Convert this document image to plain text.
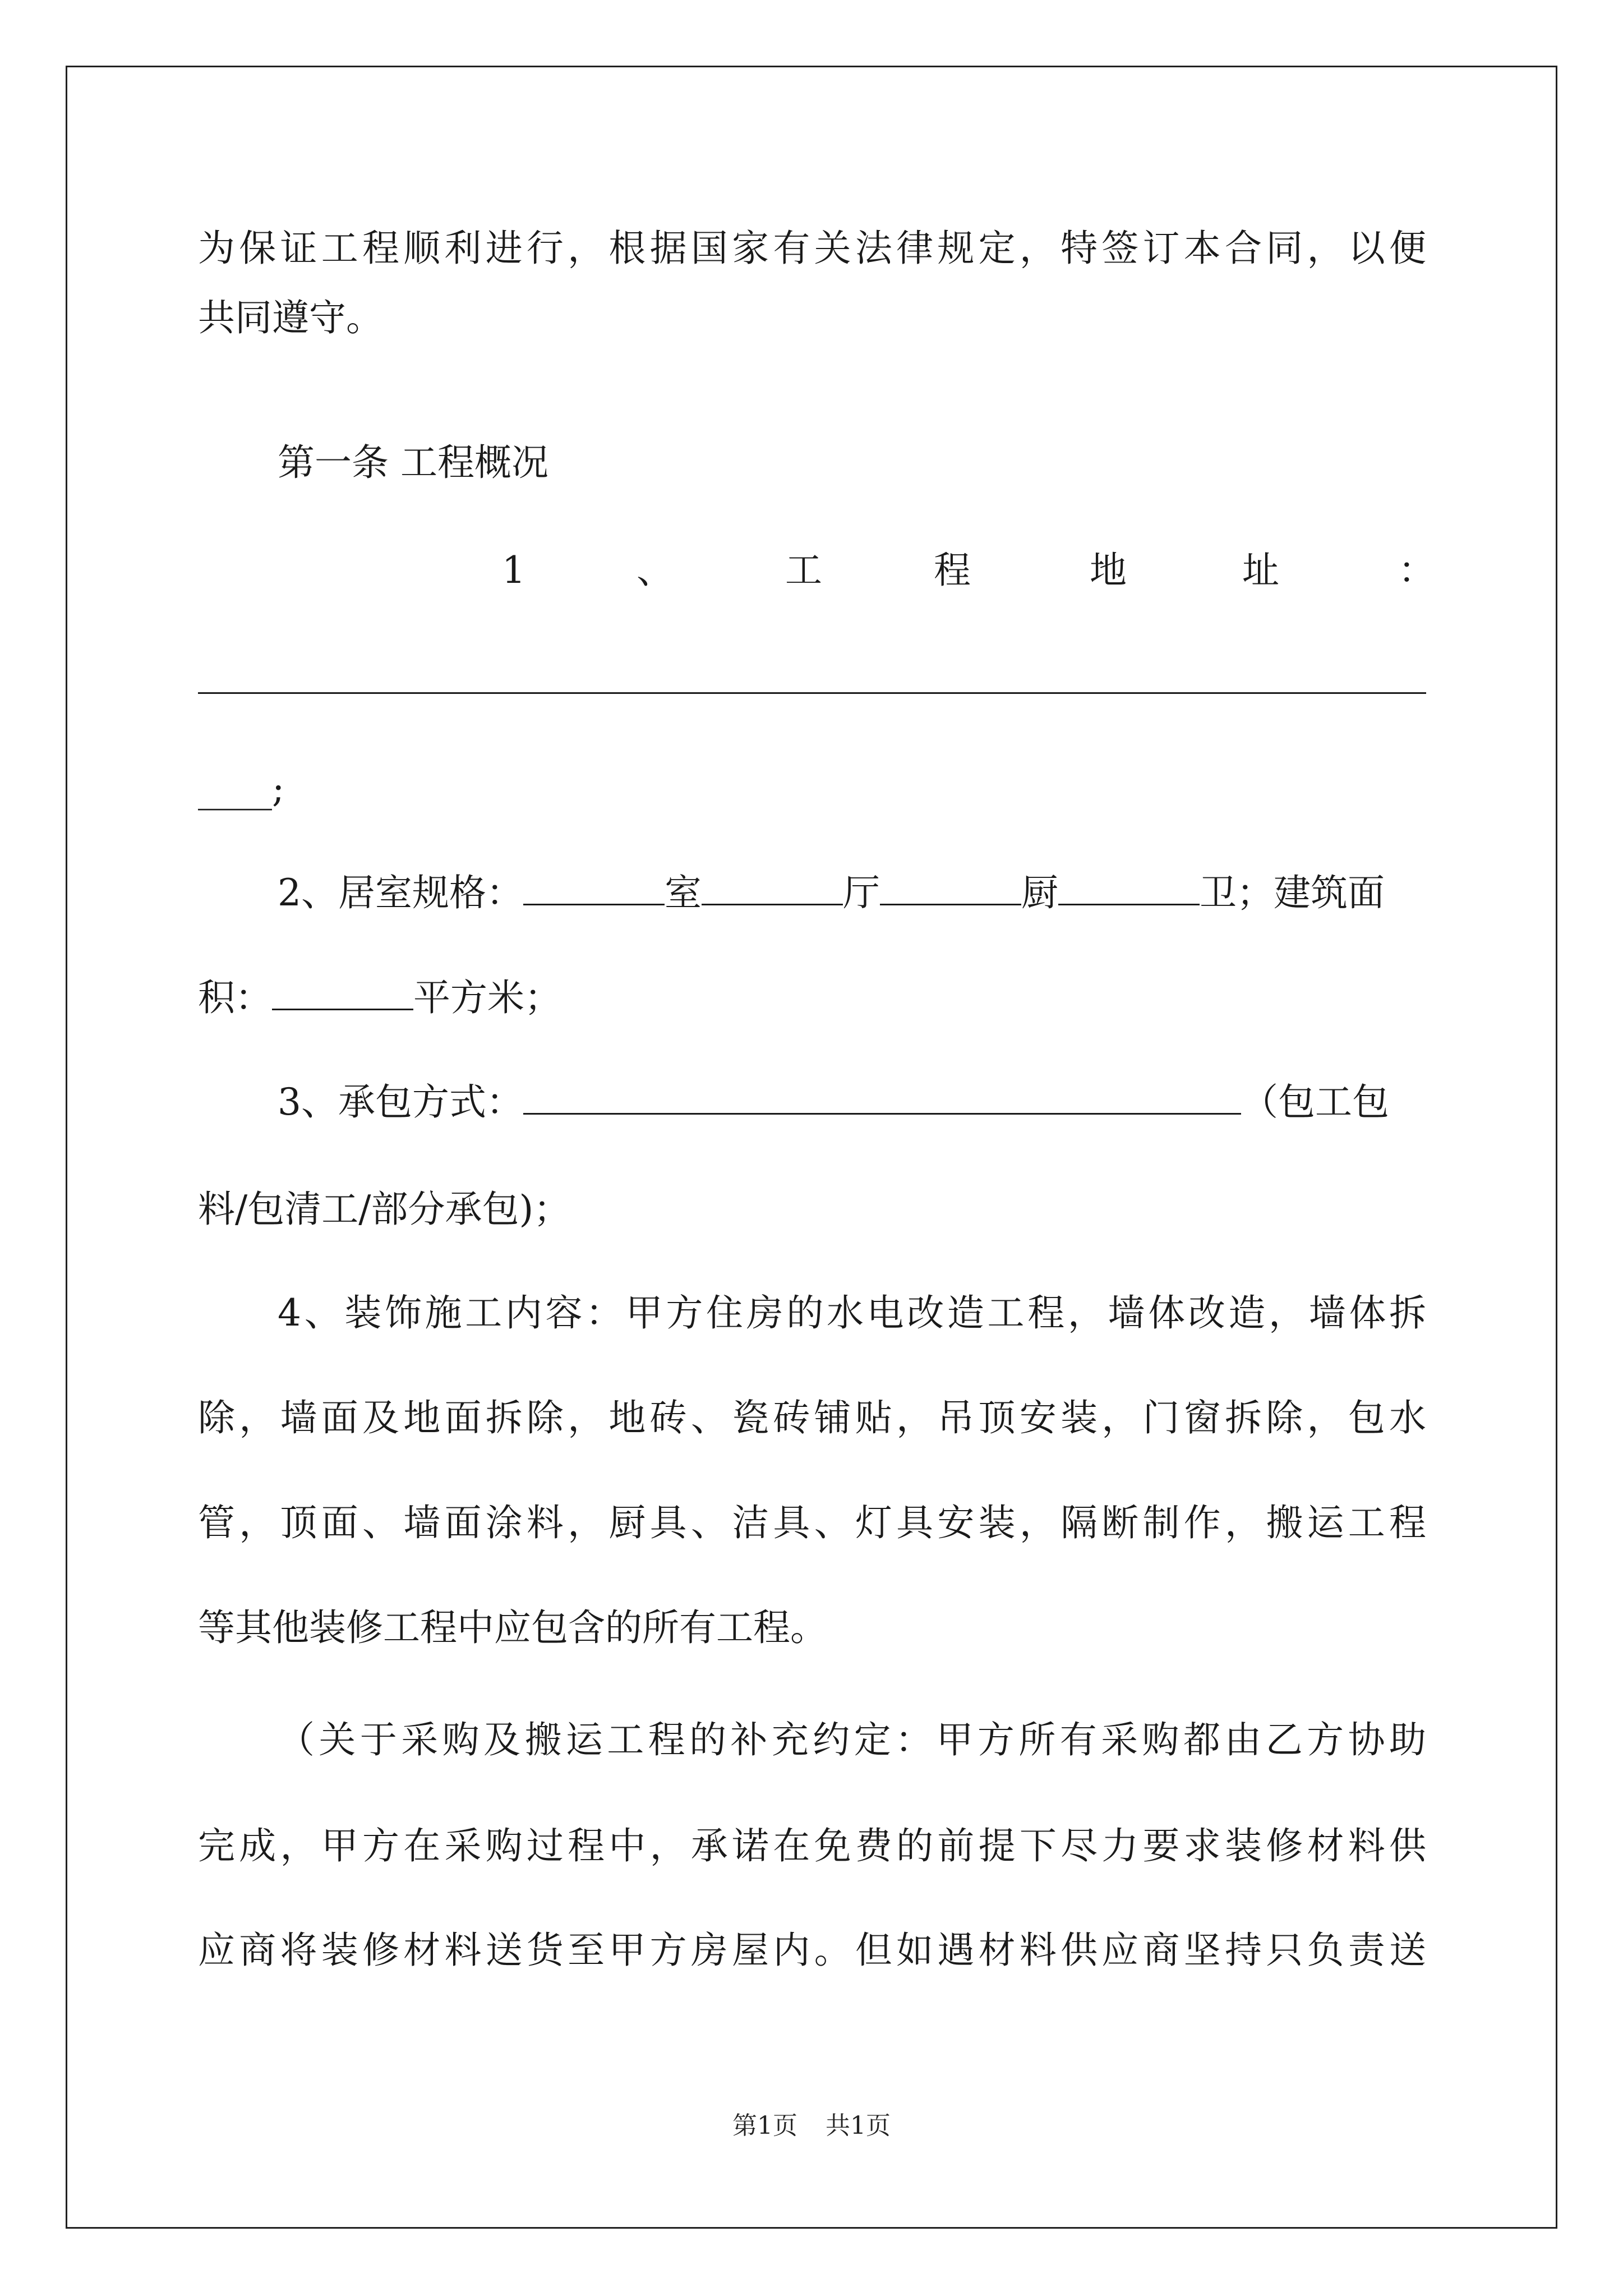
为保证工程顺利进行，根据国家有关法律规定，特签订本合同，以便
共同遵守。
第一条 工程概况
1	、	工	程	地	址	：
____;
2、居室规格：	室	厅	厨	卫；建筑面
积：	平方米；
3、承包方式：	（包工包
料/包清工/部分承包)；
4、装饰施工内容：甲方住房的水电改造工程，墙体改造，墙体拆
除，墙面及地面拆除，地砖、瓷砖铺贴，吊顶安装，门窗拆除，包水
管，顶面、墙面涂料，厨具、洁具、灯具安装，隔断制作，搬运工程
等其他装修工程中应包含的所有工程。
（关于采购及搬运工程的补充约定：甲方所有采购都由乙方协助
完成，甲方在采购过程中，承诺在免费的前提下尽力要求装修材料供
应商将装修材料送货至甲方房屋内。但如遇材料供应商坚持只负责送
第1页 共1页
